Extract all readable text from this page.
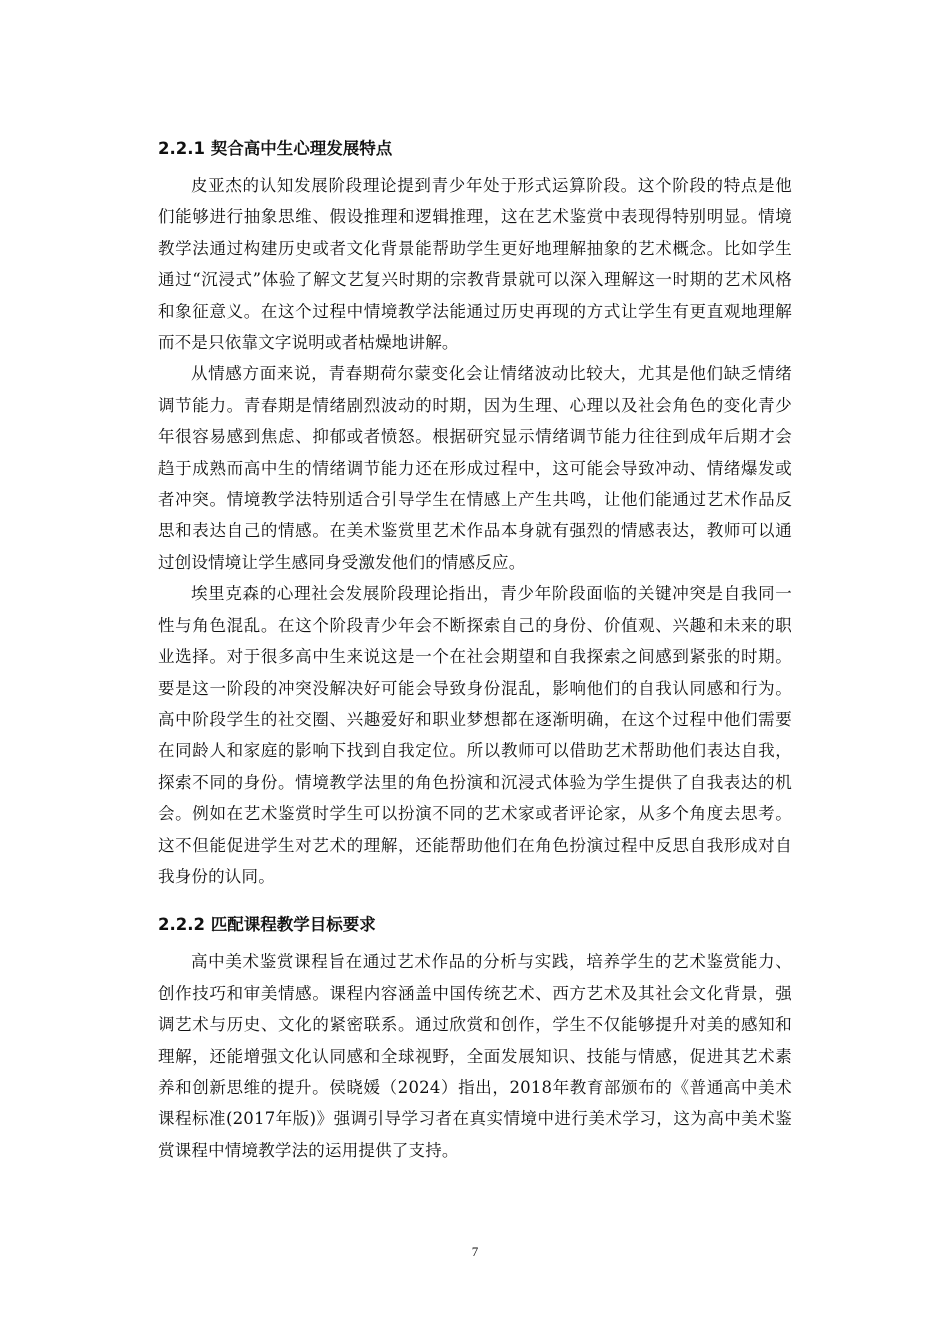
2.2.1 契合高中生心理发展特点

皮亚杰的认知发展阶段理论提到青少年处于形式运算阶段。这个阶段的特点是他们能够进行抽象思维、假设推理和逻辑推理，这在艺术鉴赏中表现得特别明显。情境教学法通过构建历史或者文化背景能帮助学生更好地理解抽象的艺术概念。比如学生通过“沉浸式”体验了解文艺复兴时期的宗教背景就可以深入理解这一时期的艺术风格和象征意义。在这个过程中情境教学法能通过历史再现的方式让学生有更直观地理解而不是只依靠文字说明或者枯燥地讲解。

从情感方面来说，青春期荷尔蒙变化会让情绪波动比较大，尤其是他们缺乏情绪调节能力。青春期是情绪剧烈波动的时期，因为生理、心理以及社会角色的变化青少年很容易感到焦虑、抑郁或者愤怒。根据研究显示情绪调节能力往往到成年后期才会趋于成熟而高中生的情绪调节能力还在形成过程中，这可能会导致冲动、情绪爆发或者冲突。情境教学法特别适合引导学生在情感上产生共鸣，让他们能通过艺术作品反思和表达自己的情感。在美术鉴赏里艺术作品本身就有强烈的情感表达，教师可以通过创设情境让学生感同身受激发他们的情感反应。

埃里克森的心理社会发展阶段理论指出，青少年阶段面临的关键冲突是自我同一性与角色混乱。在这个阶段青少年会不断探索自己的身份、价值观、兴趣和未来的职业选择。对于很多高中生来说这是一个在社会期望和自我探索之间感到紧张的时期。要是这一阶段的冲突没解决好可能会导致身份混乱，影响他们的自我认同感和行为。高中阶段学生的社交圈、兴趣爱好和职业梦想都在逐渐明确，在这个过程中他们需要在同龄人和家庭的影响下找到自我定位。所以教师可以借助艺术帮助他们表达自我，探索不同的身份。情境教学法里的角色扮演和沉浸式体验为学生提供了自我表达的机会。例如在艺术鉴赏时学生可以扮演不同的艺术家或者评论家，从多个角度去思考。这不但能促进学生对艺术的理解，还能帮助他们在角色扮演过程中反思自我形成对自我身份的认同。

2.2.2 匹配课程教学目标要求

高中美术鉴赏课程旨在通过艺术作品的分析与实践，培养学生的艺术鉴赏能力、创作技巧和审美情感。课程内容涵盖中国传统艺术、西方艺术及其社会文化背景，强调艺术与历史、文化的紧密联系。通过欣赏和创作，学生不仅能够提升对美的感知和理解，还能增强文化认同感和全球视野，全面发展知识、技能与情感，促进其艺术素养和创新思维的提升。侯晓媛（2024）指出，2018年教育部颁布的《普通高中美术课程标准(2017年版)》强调引导学习者在真实情境中进行美术学习，这为高中美术鉴赏课程中情境教学法的运用提供了支持。

7
